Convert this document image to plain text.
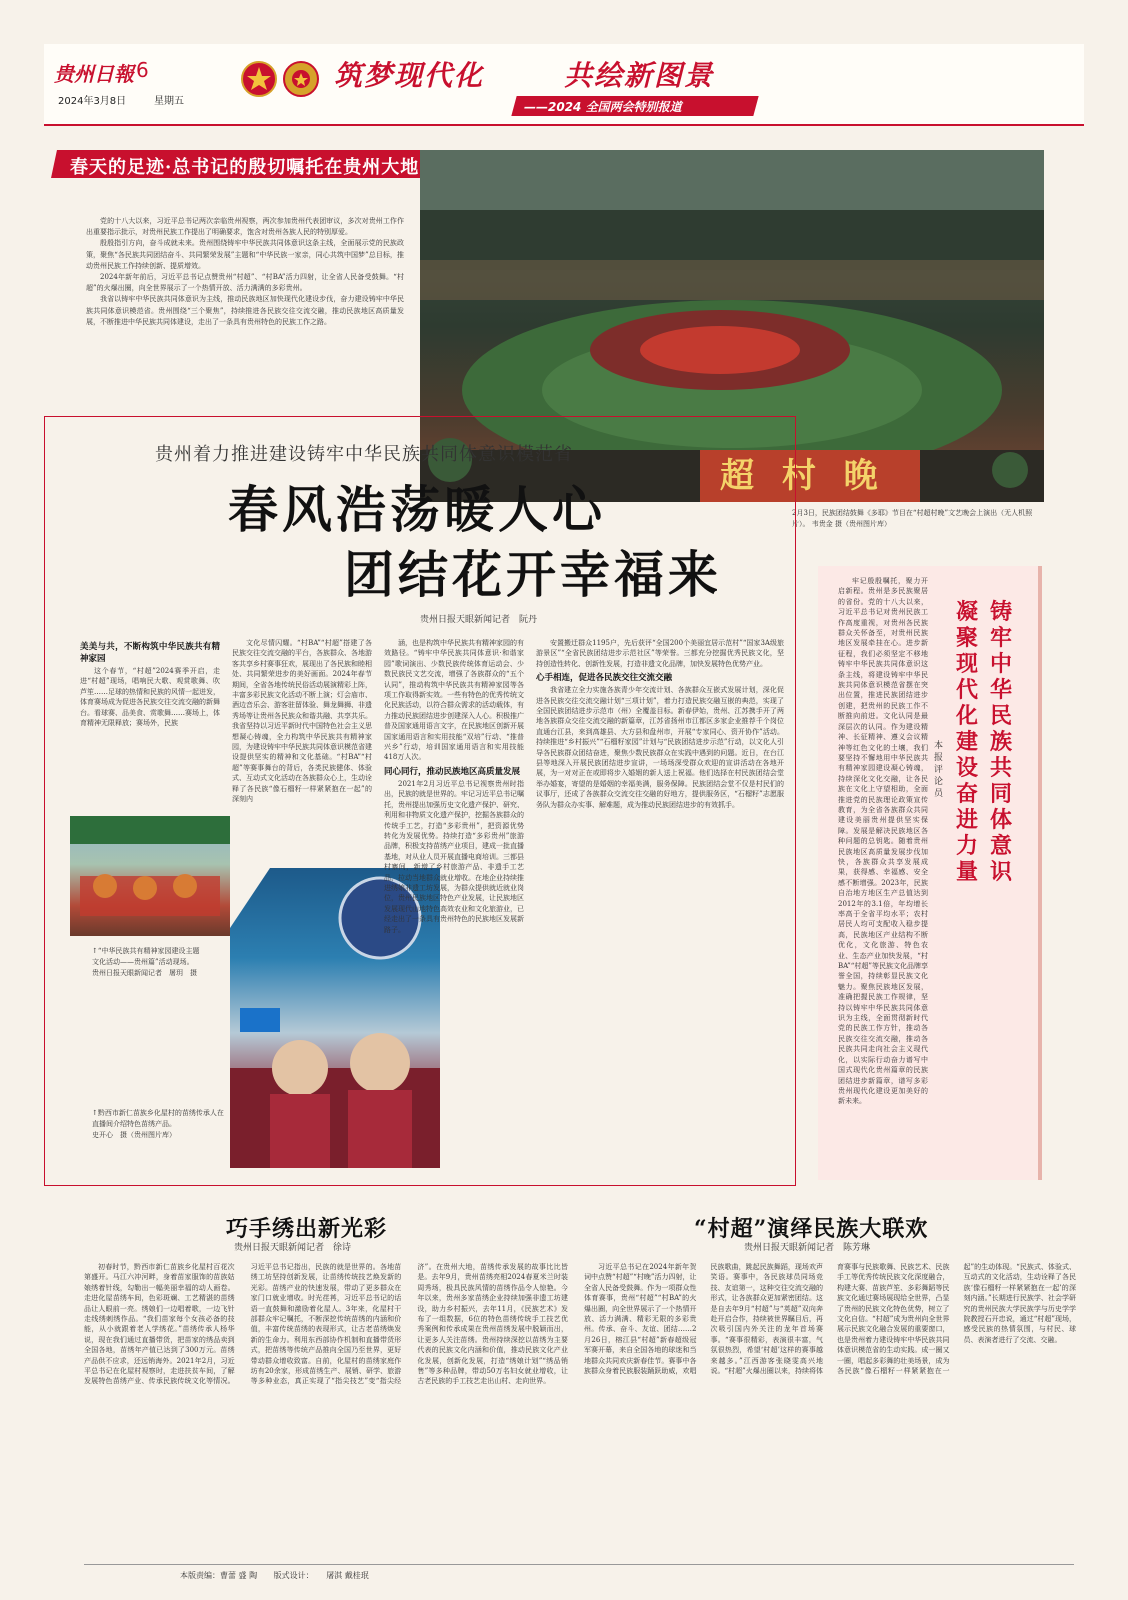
贵州日報 6
2024年3月8日	星期五
筑梦现代化	共绘新图景
——2024 全国两会特别报道
春天的足迹·总书记的殷切嘱托在贵州大地

党的十八大以来，习近平总书记两次亲临贵州视察，两次参加贵州代表团审议，多次对贵州工作作出重要指示批示，对贵州民族工作提出了明确要求，饱含对贵州各族人民的特别厚爱。

殷殷指引方向，奋斗成就未来。贵州围绕铸牢中华民族共同体意识这条主线，全面展示党的民族政策，聚焦“各民族共同团结奋斗、共同繁荣发展”主题和“中华民族一家亲，同心共筑中国梦”总目标，推动贵州民族工作持续创新、提质增效。

2024年新年前后，习近平总书记点赞贵州“村超”、“村BA”活力四射，让全省人民备受鼓舞。“村超”的火爆出圈，向全世界展示了一个热情开放、活力满满的多彩贵州。

我省以铸牢中华民族共同体意识为主线，推动民族地区加快现代化建设步伐，奋力建设铸牢中华民族共同体意识模范省。贵州围绕“三个聚焦”，持续推进各民族交往交流交融，推动民族地区高质量发展，不断推进中华民族共同体建设，走出了一条具有贵州特色的民族工作之路。

超 村 晚
2月3日，民族团结鼓舞《多耶》节目在“村超村晚”文艺晚会上演出（无人机照片）。 韦贵金 摄（贵州图片库）
贵州着力推进建设铸牢中华民族共同体意识模范省
春风浩荡暖人心
团结花开幸福来
贵州日报天眼新闻记者　阮丹
美美与共，不断构筑中华民族共有精神家园

这个春节，“村超”2024赛季开启，走进“村超”现场，唱响民大歌、观赏歌舞、吹芦笙……足球的热情和民族的风情一起迸发，体育赛场成为促进各民族交往交流交融的新舞台。看球赛、品美食、赏歌舞……赛场上，体育精神无限释放；赛场外，民族

↑“中华民族共有精神家园建设主题文化活动——贵州篇”活动现场。
贵州日报天眼新闻记者　屠玥　摄
↑黔西市新仁苗族乡化屋村的苗绣传承人在直播间介绍特色苗绣产品。
史开心　摄（贵州图片库）

文化尽情闪耀。“村BA”“村超”搭建了各民族交往交流交融的平台，各族群众、各地游客共享乡村赛事狂欢，展现出了各民族和睦相处、共同繁荣进步的美好画面。2024年春节期间，全省各地传统民俗活动展演精彩上阵，丰富多彩民族文化活动不断上演；灯会庙市、酒边音乐会、游客驻留体验、舞龙舞狮、非遗秀场等让贵州各民族众和谐共融、共享共乐。我省坚持以习近平新时代中国特色社会主义思想凝心铸魂，全力构筑中华民族共有精神家园，为建设铸牢中华民族共同体意识模范省建设提供坚实的精神和文化基础。“村BA”“村超”等赛事舞台的背后，各类民族健体、体验式、互动式文化活动在各族群众心上，生动诠释了各民族“像石榴籽一样紧紧抱在一起”的深刻内

涵，也是构筑中华民族共有精神家园的有效路径。“铸牢中华民族共同体意识·和谐家园”歌词演出、少数民族传统体育运动会、少数民族民文艺交流，增强了各族群众的“五个认同”，推动构筑中华民族共有精神家园等各项工作取得新实效。一些有特色的优秀传统文化民族活动，以符合群众需求的活动载体，有力推动民族团结进步创建深入人心。积极推广普及国家通用语言文字，在民族地区创新开展国家通用语言和实用技能“双培”行动、“推普兴乡”行动，培训国家通用语言和实用技能418万人次。

同心同行，推动民族地区高质量发展

2021年2月习近平总书记视察贵州时指出，民族的就是世界的。牢记习近平总书记嘱托，贵州提出加强历史文化遗产保护、研究、利用和非物质文化遗产保护，挖掘各族群众的传统手工艺，打造“多彩贵州”，把资源优势转化为发展优势。持续打造“多彩贵州”旅游品牌，积极支持苗绣产业项目，建成一批直播基地，对从业人员开展直播电商培训。三都县村寨间，新增了乡村旅游产品、非遗手工艺品，拉动当地群众就业增收。在地企业持续推进绣娘非遗工坊发展，为群众提供就近就业岗位，贵州民族地区特色产业发展，让民族地区发展现代山地特色高效农业和文化旅游业，已经走出了一条具有贵州特色的民族地区发展新路子。

安置搬迁群众1195户，先后获评“全国200个美丽宜居示范村”“国家3A级旅游景区”“全省民族团结进步示范社区”等荣誉。三都充分挖掘优秀民族文化，坚持创造性转化、创新性发展，打造非遗文化品牌，加快发展特色优势产业。

心手相连，促进各民族交往交流交融

我省建立全力实施各族青少年交流计划、各族群众互嵌式发展计划，深化促进各民族交往交流交融计划“三项计划”，着力打造民族交融互嵌的典范，实现了全国民族团结进步示范市（州）全覆盖目标。新春伊始，贵州、江苏携手开了两地各族群众交往交流交融的新篇章，江苏省扬州市江都区多家企业推荐千个岗位直通台江县，来到高雄县、大方县和盘州市，开展“专家同心、资开协作”活动。持续推进“乡村振兴”“石榴籽家园”计划与“民族团结进步示范”行动，以文化人引导各民族群众团结奋进，聚焦少数民族群众在实践中遇到的问题。近日，在台江县等地深入开展民族团结进步宣讲，一场场深受群众欢迎的宣讲活动在各地开展，为一对对正在或即将步入婚姻的新人送上祝福。他们选择在村民族团结会堂举办婚宴，寄望的是婚姻的幸福美满，服务保障。民族团结会堂不仅是村民们的议事厅，还成了各族群众交流交往交融的好地方，提供服务区，“石榴籽”志愿服务队为群众办实事、解难题，成为推动民族团结进步的有效抓手。

铸牢中华民族共同体意识
凝聚现代化建设奋进力量
本报评论员

牢记殷殷嘱托，聚力开启新程。贵州是多民族聚居的省份。党的十八大以来，习近平总书记对贵州民族工作高度重视，对贵州各民族群众关怀备至，对贵州民族地区发展牵挂在心。进步新征程，我们必须坚定不移地铸牢中华民族共同体意识这条主线，将建设铸牢中华民族共同体意识模范省摆在突出位置，推进民族团结进步创建，把贵州的民族工作不断推向前进。文化认同是最深层次的认同。作为建设精神、长征精神、遵义会议精神等红色文化的土壤，我们要坚持不懈地用中华民族共有精神家园建设凝心铸魂，持续深化文化交融，让各民族在文化上守望相助，全面推进党的民族理论政策宣传教育，为全省各族群众共同建设美丽贵州提供坚实保障。发展是解决民族地区各种问题的总钥匙。随着贵州民族地区高质量发展步伐加快，各族群众共享发展成果，获得感、幸福感、安全感不断增强。2023年，民族自治地方地区生产总值达到2012年的3.1倍，年均增长率高于全省平均水平；农村居民人均可支配收入稳步提高，民族地区产业结构不断优化，文化旅游、特色农业、生态产业加快发展，“村BA”“村超”等民族文化品牌享誉全国，持续彰显民族文化魅力。聚焦民族地区发展，准确把握民族工作规律，坚持以铸牢中华民族共同体意识为主线，全面贯彻新时代党的民族工作方针，推动各民族交往交流交融，推动各民族共同走向社会主义现代化，以实际行动奋力谱写中国式现代化贵州篇章的民族团结进步新篇章，谱写多彩贵州现代化建设更加美好的新未来。

巧手绣出新光彩
贵州日报天眼新闻记者　徐诗

初春时节，黔西市新仁苗族乡化屋村百花次第盛开。马江六冲河畔，身着苗家服饰的苗族姑娘绣着针线，勾勒出一幅美丽幸福的动人画卷。走进化屋苗绣车间，色彩斑斓、工艺精湛的苗绣品让人眼前一亮。绣娘们一边唱着歌，一边飞针走线绣刺绣作品。“我们苗家每个女孩必备的技能，从小就跟着老人学绣花。”苗绣传承人杨华说，现在我们通过直播带货，把苗家的绣品卖到全国各地，苗绣年产值已达到了300万元。苗绣产品供不应求，还远销海外。2021年2月，习近平总书记在化屋村视察时，走进扶贫车间，了解发展特色苗绣产业、传承民族传统文化等情况。习近平总书记指出，民族的就是世界的。各地苗绣工坊坚持创新发展，让苗绣传统技艺焕发新的光彩。苗绣产业的快速发展，带动了更多群众在家门口就业增收。时光荏苒，习近平总书记的话语一直鼓舞和激励着化屋人。3年来，化屋村干部群众牢记嘱托，不断深挖传统苗绣的内涵和价值，丰富传统苗绣的表现形式，让古老苗绣焕发新的生命力。利用东西部协作机制和直播带货形式，把苗绣等传统产品推向全国乃至世界，更好带动群众增收致富。自前，化屋村的苗绣家庭作坊有20余家，形成苗绣生产、展销、研学、旅游等多种业态，真正实现了“指尖技艺”变“指尖经济”。在贵州大地，苗绣传承发展的故事比比皆是。去年9月，贵州苗绣亮相2024春夏米兰时装周秀场，极具民族风情的苗绣作品令人惊艳。今年以来，贵州多家苗绣企业持续加强非遗工坊建设，助力乡村振兴，去年11月，《民族艺术》发布了一组数据，6位的特色苗绣传统手工技艺优秀案例和传承成果在贵州苗绣发展中脱颖而出，让更多人关注苗绣。贵州持续深挖以苗绣为主要代表的民族文化内涵和价值，推动民族文化产业化发展，创新化发展，打造“绣娘计划”“绣品销售”等多种品牌，带动50万名妇女就业增收，让古老民族的手工技艺走出山村、走向世界。

“村超”演绎民族大联欢
贵州日报天眼新闻记者　陈芳琳

习近平总书记在2024年新年贺词中点赞“村超”“村晚”活力四射，让全省人民备受鼓舞。作为一项群众性体育赛事，贵州“村超”“村BA”的火爆出圈，向全世界展示了一个热情开放、活力满满、精彩无限的多彩贵州。传承、奋斗、友谊、团结……2月26日，榕江县“村超”新春超级冠军赛开幕，来自全国各地的球迷和当地群众共同欢庆新春佳节。赛事中各族群众身着民族服装踊跃助威，欢唱民族歌曲，跳起民族舞蹈，现场欢声笑语。赛事中，各民族球员同场竞技、友谊第一，这种交往交流交融的形式，让各族群众更加紧密团结。这是自去年9月“村超”与“英超”双向奔赴开启合作，持续被世界瞩目后，再次吸引国内外关注的龙年首场赛事。“赛事很精彩，表演很丰富，气氛很热烈，希望‘村超’这样的赛事越来越多。”江西游客张晓雯高兴地说。“村超”火爆出圈以来，持续将体育赛事与民族歌舞、民族艺术、民族手工等优秀传统民族文化深度融合，构建大赛、苗族芦笙、多彩舞蹈等民族文化通过赛场展现给全世界，凸显了贵州的民族文化特色优势，树立了文化自信。“村超”成为贵州向全世界展示民族文化融合发展的重要窗口，也是贵州着力建设铸牢中华民族共同体意识模范省的生动实践。成一圈又一圈，唱起多彩舞的壮美场景，成为各民族“像石榴籽一样紧紧抱在一起”的生动体现。“民族式、体验式、互动式的文化活动，生动诠释了各民族‘像石榴籽一样紧紧抱在一起’的深刻内涵。”长期进行民族学、社会学研究的贵州民族大学民族学与历史学学院教授石开忠说，通过“村超”现场，感受民族的热情氛围，与村民、球员、表演者进行了交流、交融。

本版责编：曹蕾 盛 陶 版式设计： 屠淇 戴桂珉
